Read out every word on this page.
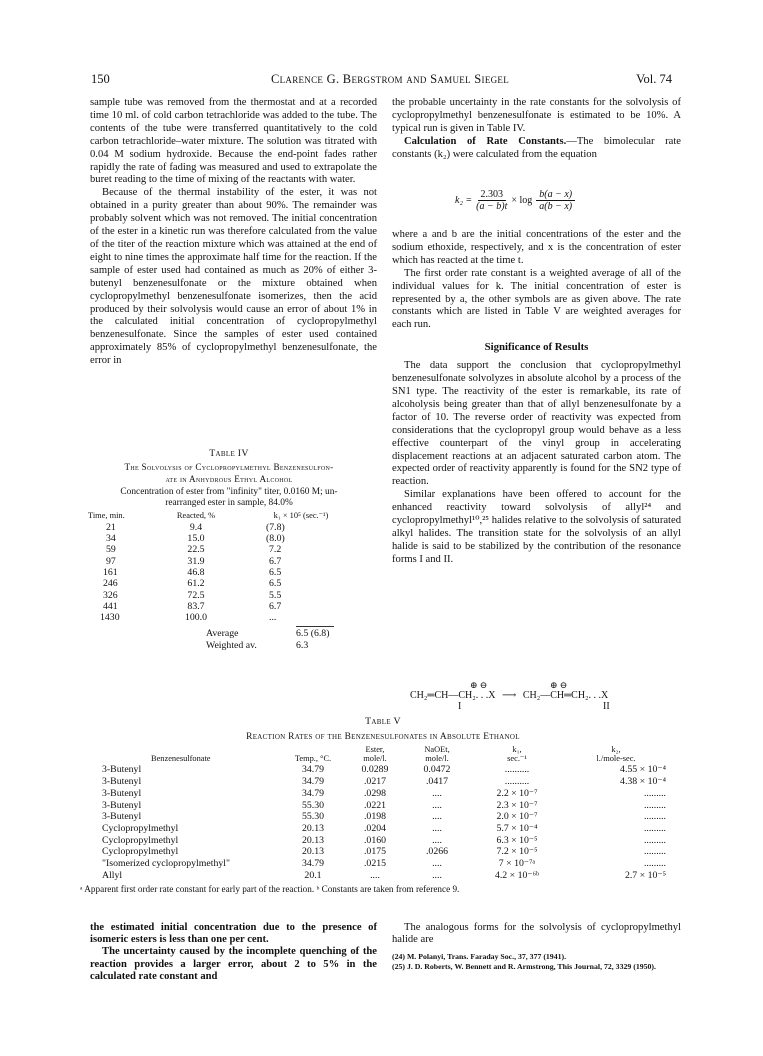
150	Clarence G. Bergstrom and Samuel Siegel	Vol. 74

sample tube was removed from the thermostat and at a recorded time 10 ml. of cold carbon tetrachloride was added to the tube. The contents of the tube were transferred quantitatively to the cold carbon tetrachloride–water mixture. The solution was titrated with 0.04 M sodium hydroxide. Because the end-point fades rather rapidly the rate of fading was measured and used to extrapolate the buret reading to the time of mixing of the reactants with water.

Because of the thermal instability of the ester, it was not obtained in a purity greater than about 90%. The remainder was probably solvent which was not removed. The initial concentration of the ester in a kinetic run was therefore calculated from the value of the titer of the reaction mixture which was attained at the end of eight to nine times the approximate half time for the reaction. If the sample of ester used had contained as much as 20% of either 3-butenyl benzenesulfonate or the mixture obtained when cyclopropylmethyl benzenesulfonate isomerizes, then the acid produced by their solvolysis would cause an error of about 1% in the calculated initial concentration of cyclopropylmethyl benzenesulfonate. Since the samples of ester used contained approximately 85% of cyclopropylmethyl benzenesulfonate, the error in

Table IV
The Solvolysis of Cyclopropylmethyl Benzenesulfon-
ate in Anhydrous Ethyl Alcohol
Concentration of ester from "infinity" titer, 0.0160 M; un-
rearranged ester in sample, 84.0%
Time, min.	Reacted, %	k₁ × 10⁵ (sec.⁻¹)
21	9.4	(7.8)
34	15.0	(8.0)
59	22.5	7.2
97	31.9	6.7
161	46.8	6.5
246	61.2	6.5
326	72.5	5.5
441	83.7	6.7
1430	100.0	...
Average	6.5 (6.8)
Weighted av.	6.3

the probable uncertainty in the rate constants for the solvolysis of cyclopropylmethyl benzenesulfonate is estimated to be 10%. A typical run is given in Table IV.

Calculation of Rate Constants.—The bimolecular rate constants (k₂) were calculated from the equation

$k_2 = \frac{2.303}{(a - b)t} \times \log \frac{b(a - x)}{a(b - x)}$

where a and b are the initial concentrations of the ester and the sodium ethoxide, respectively, and x is the concentration of ester which has reacted at the time t.

The first order rate constant is a weighted average of all of the individual values for k. The initial concentration of ester is represented by a, the other symbols are as given above. The rate constants which are listed in Table V are weighted averages for each run.

Significance of Results

The data support the conclusion that cyclopropylmethyl benzenesulfonate solvolyzes in absolute alcohol by a process of the SN1 type. The reactivity of the ester is remarkable, its rate of alcoholysis being greater than that of allyl benzenesulfonate by a factor of 10. The reverse order of reactivity was expected from considerations that the cyclopropyl group would behave as a less effective counterpart of the vinyl group in accelerating displacement reactions at an adjacent saturated carbon atom. The expected order of reactivity apparently is found for the SN2 type of reaction.

Similar explanations have been offered to account for the enhanced reactivity toward solvolysis of allyl²⁴ and cyclopropylmethyl¹⁰,²⁵ halides relative to the solvolysis of saturated alkyl halides. The transition state for the solvolysis of an allyl halide is said to be stabilized by the contribution of the resonance forms I and II.

⊕ ⊖	⊕ ⊖
CH₂═CH—CH₂. . .X ⟶ CH₂—CH═CH₂. . .X
I	II
Table V
Reaction Rates of the Benzenesulfonates in Absolute Ethanol
		Ester,	NaOEt,	k₁,	k₂,
Benzenesulfonate	Temp., °C.	mole/l.	mole/l.	sec.⁻¹	l./mole-sec.
3-Butenyl	34.79	0.0289	0.0472	..........	4.55 × 10⁻⁴
3-Butenyl	34.79	.0217	.0417	..........	4.38 × 10⁻⁴
3-Butenyl	34.79	.0298	....	2.2 × 10⁻⁷	.........
3-Butenyl	55.30	.0221	....	2.3 × 10⁻⁷	.........
3-Butenyl	55.30	.0198	....	2.0 × 10⁻⁷	.........
Cyclopropylmethyl	20.13	.0204	....	5.7 × 10⁻⁴	.........
Cyclopropylmethyl	20.13	.0160	....	6.3 × 10⁻⁵	.........
Cyclopropylmethyl	20.13	.0175	.0266	7.2 × 10⁻⁵	.........
"Isomerized cyclopropylmethyl"	34.79	.0215	....	7 × 10⁻⁷ᵃ	.........
Allyl	20.1	....	....	4.2 × 10⁻⁶ᵇ	2.7 × 10⁻⁵
ᵃ Apparent first order rate constant for early part of the reaction. ᵇ Constants are taken from reference 9.

the estimated initial concentration due to the presence of isomeric esters is less than one per cent.

The uncertainty caused by the incomplete quenching of the reaction provides a larger error, about 2 to 5% in the calculated rate constant and

The analogous forms for the solvolysis of cyclopropylmethyl halide are

(24) M. Polanyi, Trans. Faraday Soc., 37, 377 (1941).

(25) J. D. Roberts, W. Bennett and R. Armstrong, This Journal, 72, 3329 (1950).
